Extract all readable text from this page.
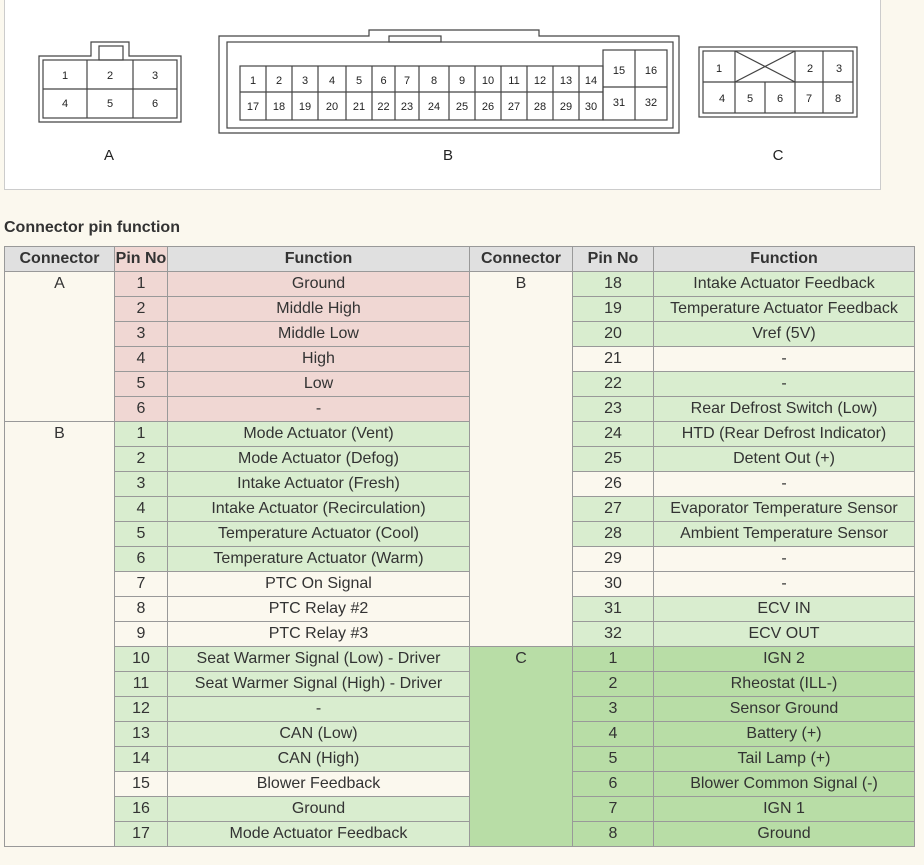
1	2	3
4	5	6
A
1
17
2
18
3
19
4
20
5
21
6
22
7
23
8
24
9
25
10
26
11
27
12
28
13
29
14
30
15 16
31 32
B
1	2 3
4 5 6 7 8
C
Connector pin function
Connector	Pin No	Function	Connector	Pin No	Function
A	1	Ground	B	18	Intake Actuator Feedback
	2	Middle High		19	Temperature Actuator Feedback
	3	Middle Low		20	Vref (5V)
	4	High		21	-
	5	Low		22	-
	6	-		23	Rear Defrost Switch (Low)
B	1	Mode Actuator (Vent)		24	HTD (Rear Defrost Indicator)
	2	Mode Actuator (Defog)		25	Detent Out (+)
	3	Intake Actuator (Fresh)		26	-
	4	Intake Actuator (Recirculation)		27	Evaporator Temperature Sensor
	5	Temperature Actuator (Cool)		28	Ambient Temperature Sensor
	6	Temperature Actuator (Warm)		29	-
	7	PTC On Signal		30	-
	8	PTC Relay #2		31	ECV IN
	9	PTC Relay #3		32	ECV OUT
	10	Seat Warmer Signal (Low) - Driver	C	1	IGN 2
	11	Seat Warmer Signal (High) - Driver		2	Rheostat (ILL-)
	12	-		3	Sensor Ground
	13	CAN (Low)		4	Battery (+)
	14	CAN (High)		5	Tail Lamp (+)
	15	Blower Feedback		6	Blower Common Signal (-)
	16	Ground		7	IGN 1
	17	Mode Actuator Feedback		8	Ground
